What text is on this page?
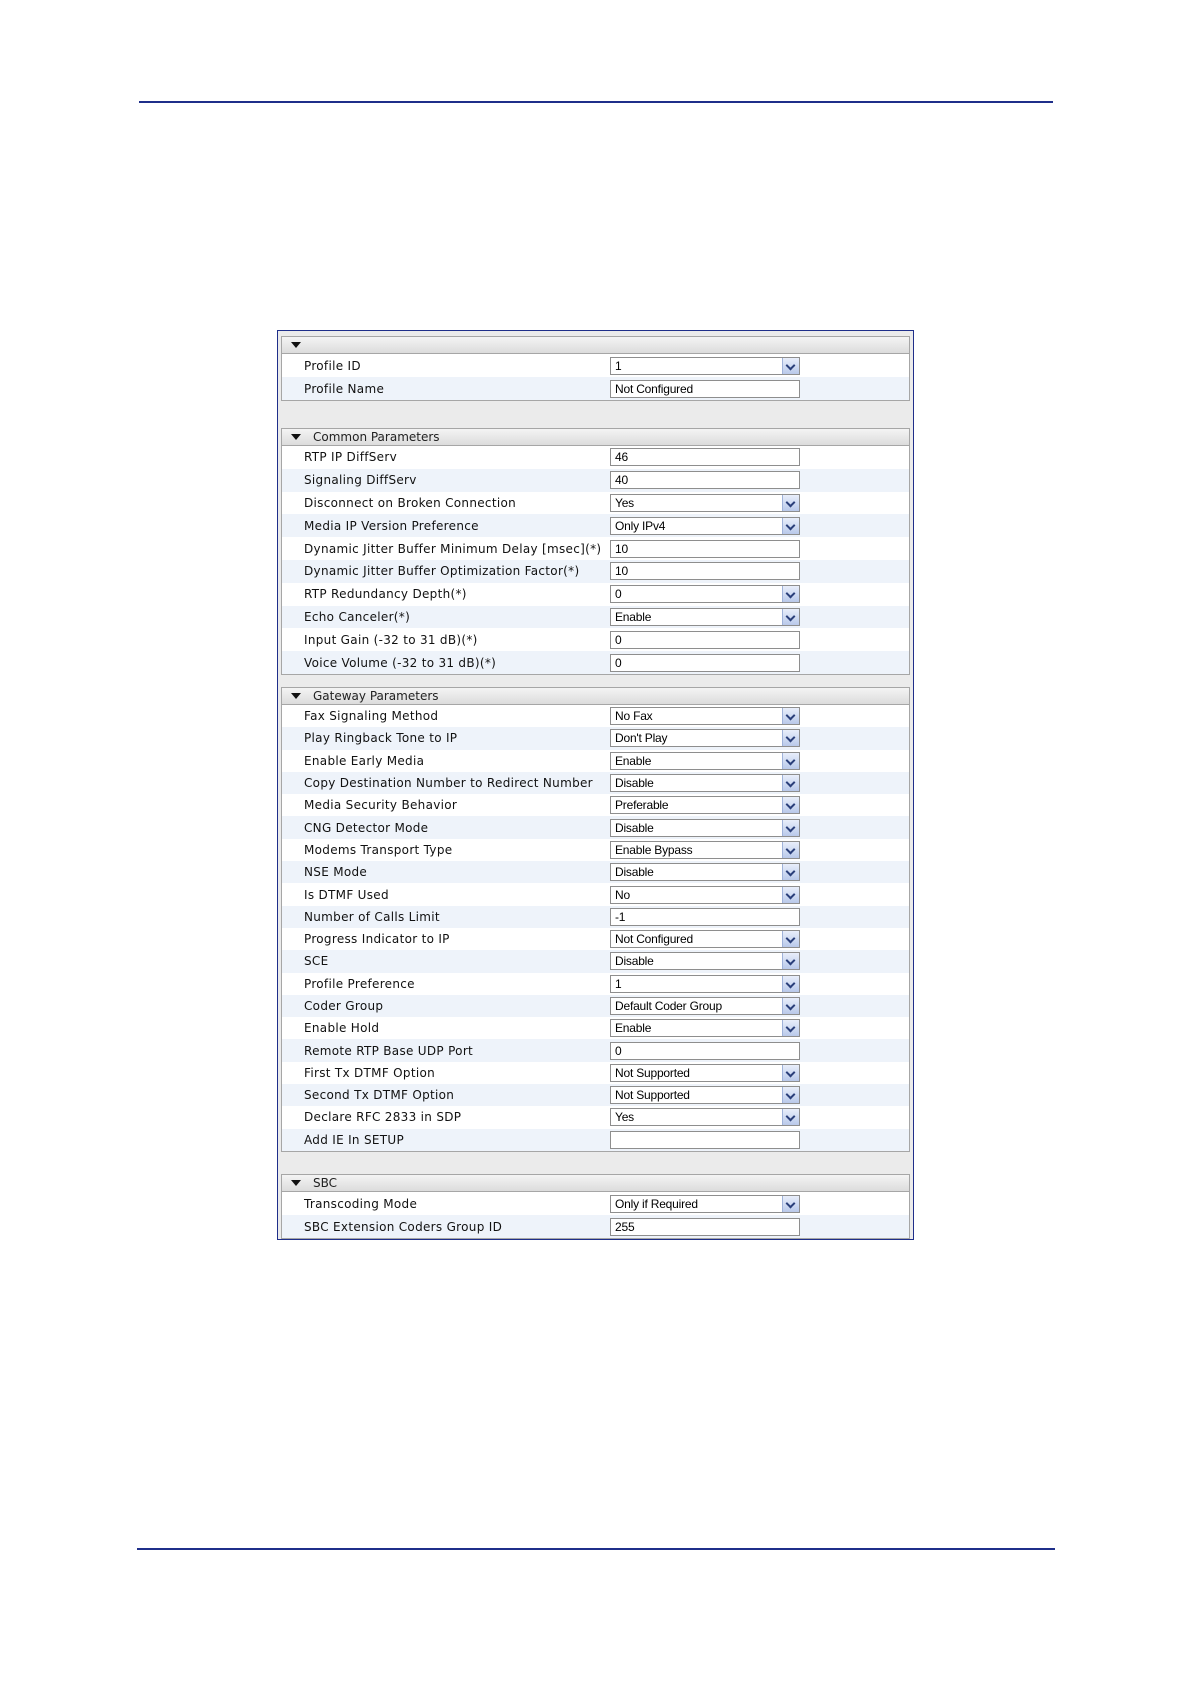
Profile ID	1
Profile Name	Not Configured
Common Parameters
RTP IP DiffServ	46
Signaling DiffServ	40
Disconnect on Broken Connection	Yes
Media IP Version Preference	Only IPv4
Dynamic Jitter Buffer Minimum Delay [msec](*)	10
Dynamic Jitter Buffer Optimization Factor(*)	10
RTP Redundancy Depth(*)	0
Echo Canceler(*)	Enable
Input Gain (-32 to 31 dB)(*)	0
Voice Volume (-32 to 31 dB)(*)	0
Gateway Parameters
Fax Signaling Method	No Fax
Play Ringback Tone to IP	Don't Play
Enable Early Media	Enable
Copy Destination Number to Redirect Number	Disable
Media Security Behavior	Preferable
CNG Detector Mode	Disable
Modems Transport Type	Enable Bypass
NSE Mode	Disable
Is DTMF Used	No
Number of Calls Limit	-1
Progress Indicator to IP	Not Configured
SCE	Disable
Profile Preference	1
Coder Group	Default Coder Group
Enable Hold	Enable
Remote RTP Base UDP Port	0
First Tx DTMF Option	Not Supported
Second Tx DTMF Option	Not Supported
Declare RFC 2833 in SDP	Yes
Add IE In SETUP
SBC
Transcoding Mode	Only if Required
SBC Extension Coders Group ID	255
